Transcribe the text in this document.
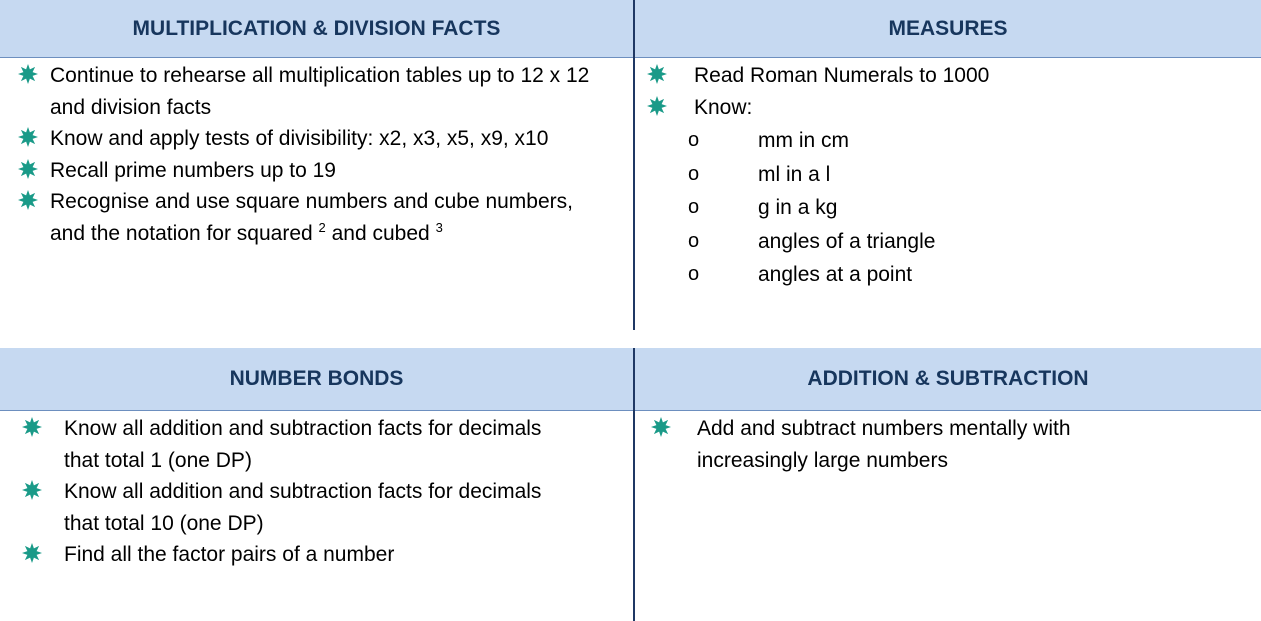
MULTIPLICATION & DIVISION FACTS
Continue to rehearse all multiplication tables up to 12 x 12 and division facts
Know and apply tests of divisibility: x2, x3, x5, x9, x10
Recall prime numbers up to 19
Recognise and use square numbers and cube numbers, and the notation for squared $^2$ and cubed $^3$
MEASURES
Read Roman Numerals to 1000
Know:
o	mm in cm
o	ml in a l
o	g in a kg
o	angles of a triangle
o	angles at a point
NUMBER BONDS
Know all addition and subtraction facts for decimals that total 1 (one DP)
Know all addition and subtraction facts for decimals that total 10 (one DP)
Find all the factor pairs of a number
ADDITION & SUBTRACTION
Add and subtract numbers mentally with increasingly large numbers
